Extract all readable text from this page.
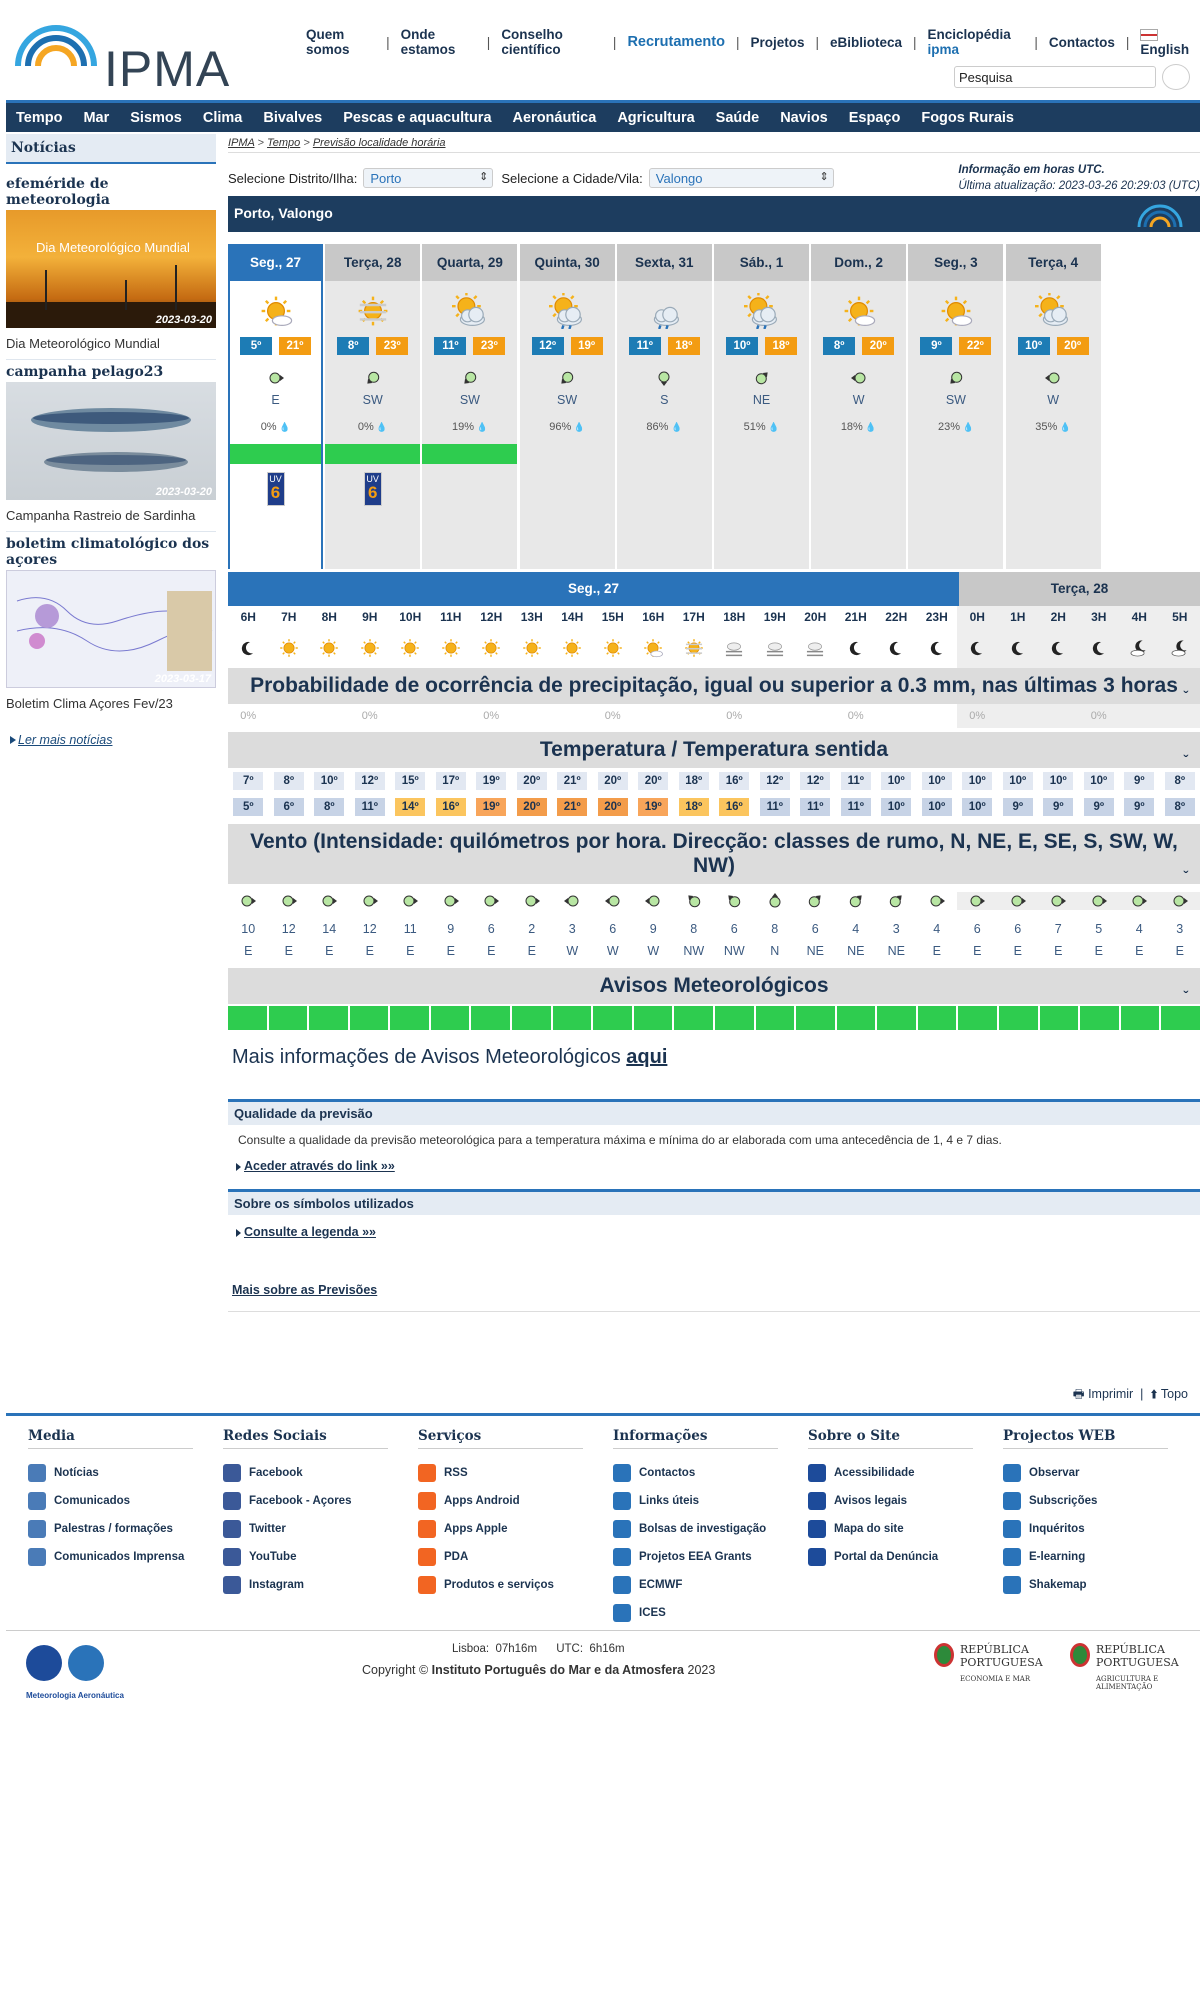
IPMA
Quem somos	| Onde estamos	| Conselho científico	| Recrutamento | Projetos | eBiblioteca | Enciclopédia ipma	| Contactos | English
Pesquisa
Tempo Mar Sismos Clima Bivalves Pescas e aquacultura Aeronáutica Agricultura Saúde Navios Espaço Fogos Rurais
Notícias
efeméride de meteorologia
Dia Meteorológico Mundial
2023-03-20
Dia Meteorológico Mundial
campanha pelago23
2023-03-20
Campanha Rastreio de Sardinha
boletim climatológico dos açores
2023-03-17
Boletim Clima Açores Fev/23
Ler mais notícias
IPMA > Tempo > Previsão localidade horária
Selecione Distrito/Ilha:	Porto ⇕	Selecione a Cidade/Vila:	Valongo ⇕
Informação em horas UTC.
Última atualização: 2023-03-26 20:29:03 (UTC)
Porto, Valongo
Seg., 27
5º	21º
E
0% 💧
UV
6
Terça, 28
8º	23º
SW
0% 💧
UV
6
Quarta, 29
11º	23º
SW
19% 💧
Quinta, 30
12º	19º
SW
96% 💧
Sexta, 31
11º	18º
S
86% 💧
Sáb., 1
10º	18º
NE
51% 💧
Dom., 2
8º	20º
W
18% 💧
Seg., 3
9º	22º
SW
23% 💧
Terça, 4
10º	20º
W
35% 💧
Seg., 27	Terça, 28
6H	7H	8H	9H	10H	11H	12H	13H	14H	15H	16H	17H	18H	19H	20H	21H	22H	23H	0H	1H	2H	3H	4H	5H
Probabilidade de ocorrência de precipitação, igual ou superior a 0.3 mm, nas últimas 3 horas ˇ
0%	0%	0%	0%	0%	0%	0%	0%
Temperatura / Temperatura sentida ˇ
7º	8º	10º	12º	15º	17º	19º	20º	21º	20º	20º	18º	16º	12º	12º	11º	10º	10º	10º	10º	10º	10º	9º	8º
5º	6º	8º	11º	14º	16º	19º	20º	21º	20º	19º	18º	16º	11º	11º	11º	10º	10º	10º	9º	9º	9º	9º	8º
Vento (Intensidade: quilómetros por hora. Direcção: classes de rumo, N, NE, E, SE, S, SW, W, NW) ˇ
10	12	14	12	11	9	6	2	3	6	9	8	6	8	6	4	3	4	6	6	7	5	4	3
E	E	E	E	E	E	E	E	W	W	W	NW	NW	N	NE	NE	NE	E	E	E	E	E	E	E
Avisos Meteorológicos ˇ
Mais informações de Avisos Meteorológicos aqui
Qualidade da previsão
Consulte a qualidade da previsão meteorológica para a temperatura máxima e mínima do ar elaborada com uma antecedência de 1, 4 e 7 dias.
Aceder através do link »»
Sobre os símbolos utilizados
Consulte a legenda »»
Mais sobre as Previsões
🖶 Imprimir  |  ⬆ Topo
Media
Notícias
Comunicados
Palestras / formações
Comunicados Imprensa
Redes Sociais
Facebook
Facebook - Açores
Twitter
YouTube
Instagram
Serviços
RSS
Apps Android
Apps Apple
PDA
Produtos e serviços
Informações
Contactos
Links úteis
Bolsas de investigação
Projetos EEA Grants
ECMWF
ICES
Sobre o Site
Acessibilidade
Avisos legais
Mapa do site
Portal da Denúncia
Projectos WEB
Observar
Subscrições
Inquéritos
E-learning
Shakemap
Meteorologia Aeronáutica
Lisboa:  07h16m      UTC:  6h16m
Copyright © Instituto Português do Mar e da Atmosfera 2023
REPÚBLICA PORTUGUESA
ECONOMIA E MAR
REPÚBLICA PORTUGUESA
AGRICULTURA E ALIMENTAÇÃO
